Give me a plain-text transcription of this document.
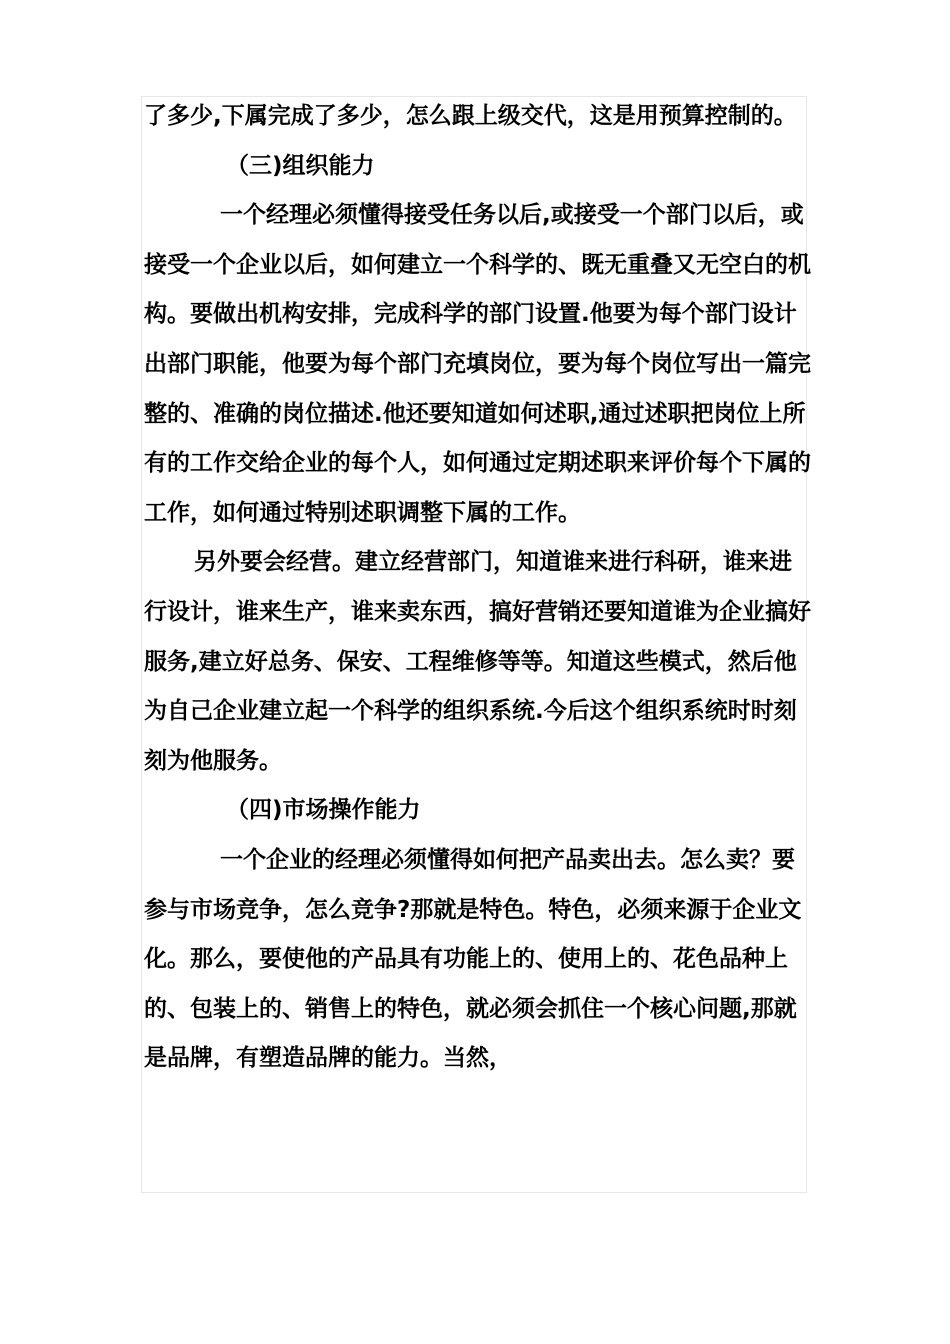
了多少,下属完成了多少，怎么跟上级交代，这是用预算控制的。

（三)组织能力

一个经理必须懂得接受任务以后,或接受一个部门以后，或接受一个企业以后，如何建立一个科学的、既无重叠又无空白的机构。要做出机构安排，完成科学的部门设置.他要为每个部门设计出部门职能，他要为每个部门充填岗位，要为每个岗位写出一篇完整的、准确的岗位描述.他还要知道如何述职,通过述职把岗位上所有的工作交给企业的每个人，如何通过定期述职来评价每个下属的工作，如何通过特别述职调整下属的工作。

另外要会经营。建立经营部门，知道谁来进行科研，谁来进行设计，谁来生产，谁来卖东西，搞好营销还要知道谁为企业搞好服务,建立好总务、保安、工程维修等等。知道这些模式，然后他为自己企业建立起一个科学的组织系统.今后这个组织系统时时刻刻为他服务。

（四)市场操作能力

一个企业的经理必须懂得如何把产品卖出去。怎么卖？要参与市场竞争，怎么竞争?那就是特色。特色，必须来源于企业文化。那么，要使他的产品具有功能上的、使用上的、花色品种上的、包装上的、销售上的特色，就必须会抓住一个核心问题,那就是品牌，有塑造品牌的能力。当然，
